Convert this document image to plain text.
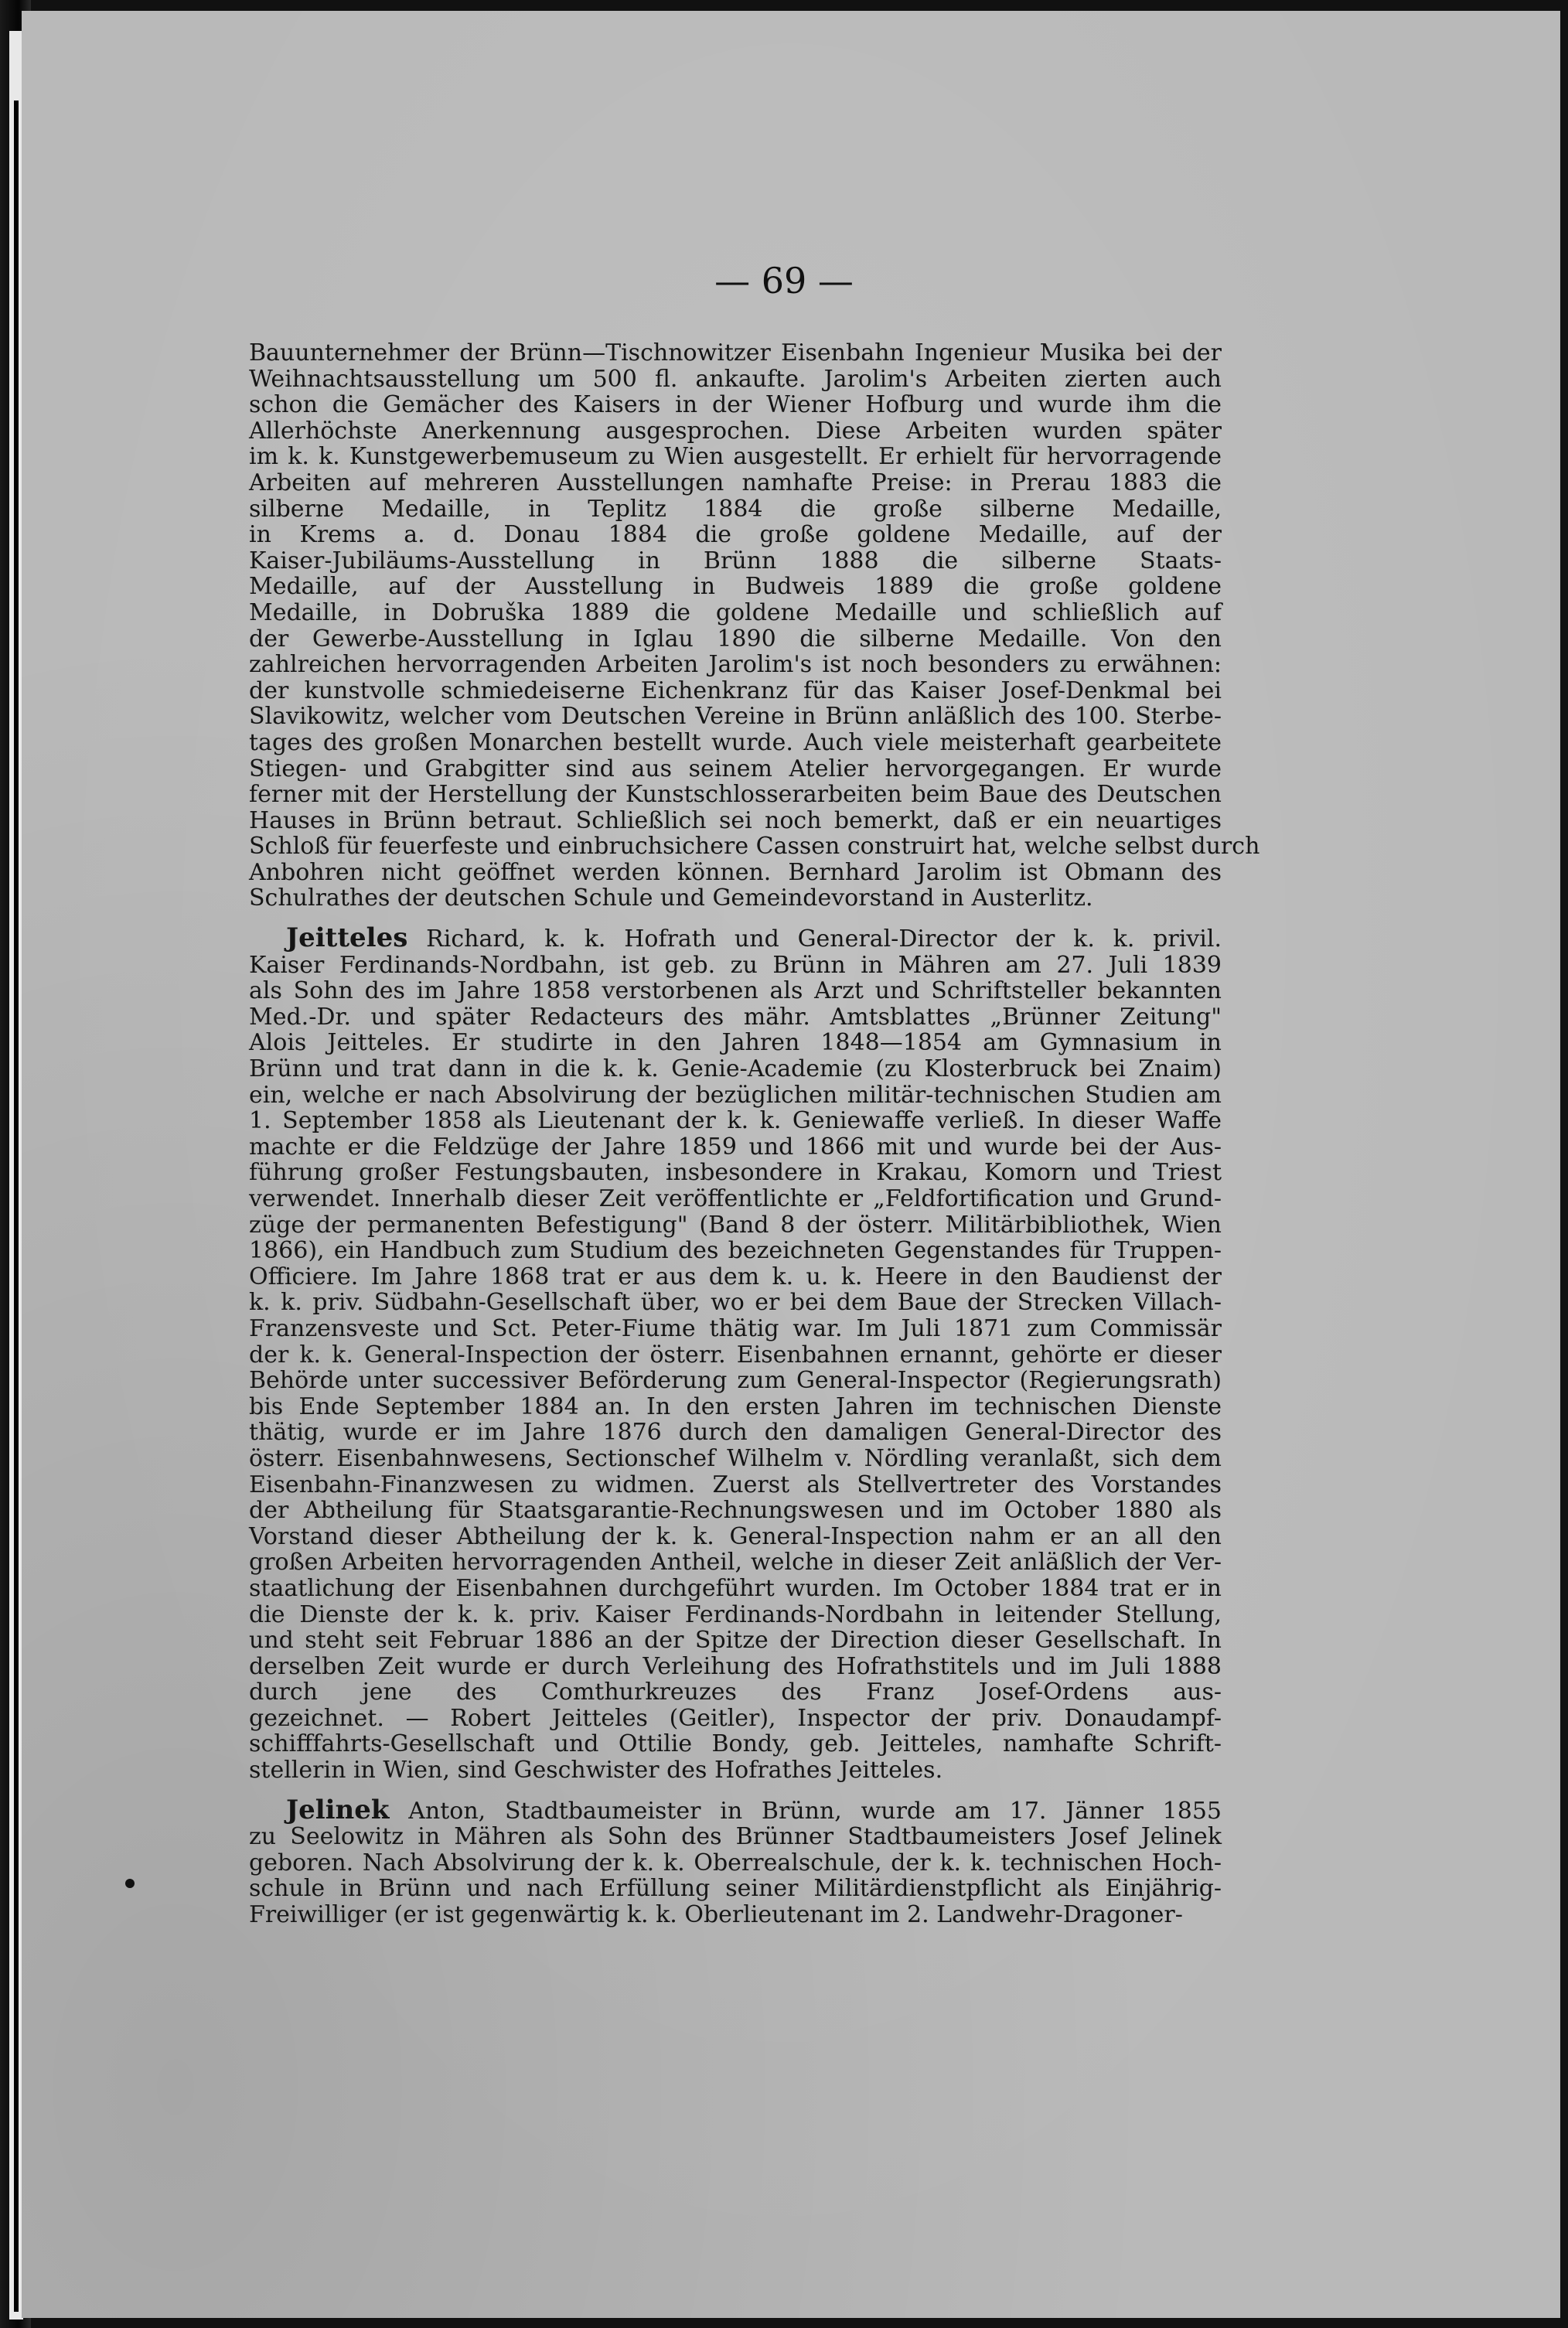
— 69 —
Bauunternehmer der Brünn—Tischnowitzer Eisenbahn Ingenieur Musika bei der
Weihnachtsausstellung um 500 fl. ankaufte. Jarolim's Arbeiten zierten auch
schon die Gemächer des Kaisers in der Wiener Hofburg und wurde ihm die
Allerhöchste Anerkennung ausgesprochen. Diese Arbeiten wurden später
im k. k. Kunstgewerbemuseum zu Wien ausgestellt. Er erhielt für hervorragende
Arbeiten auf mehreren Ausstellungen namhafte Preise: in Prerau 1883 die
silberne Medaille, in Teplitz 1884 die große silberne Medaille,
in Krems a. d. Donau 1884 die große goldene Medaille, auf der
Kaiser-Jubiläums-Ausstellung in Brünn 1888 die silberne Staats-
Medaille, auf der Ausstellung in Budweis 1889 die große goldene
Medaille, in Dobruška 1889 die goldene Medaille und schließlich auf
der Gewerbe-Ausstellung in Iglau 1890 die silberne Medaille. Von den
zahlreichen hervorragenden Arbeiten Jarolim's ist noch besonders zu erwähnen:
der kunstvolle schmiedeiserne Eichenkranz für das Kaiser Josef-Denkmal bei
Slavikowitz, welcher vom Deutschen Vereine in Brünn anläßlich des 100. Sterbe-
tages des großen Monarchen bestellt wurde. Auch viele meisterhaft gearbeitete
Stiegen- und Grabgitter sind aus seinem Atelier hervorgegangen. Er wurde
ferner mit der Herstellung der Kunstschlosserarbeiten beim Baue des Deutschen
Hauses in Brünn betraut. Schließlich sei noch bemerkt, daß er ein neuartiges
Schloß für feuerfeste und einbruchsichere Cassen construirt hat, welche selbst durch
Anbohren nicht geöffnet werden können. Bernhard Jarolim ist Obmann des
Schulrathes der deutschen Schule und Gemeindevorstand in Austerlitz.
Jeitteles Richard, k. k. Hofrath und General-Director der k. k. privil.
Kaiser Ferdinands-Nordbahn, ist geb. zu Brünn in Mähren am 27. Juli 1839
als Sohn des im Jahre 1858 verstorbenen als Arzt und Schriftsteller bekannten
Med.-Dr. und später Redacteurs des mähr. Amtsblattes „Brünner Zeitung"
Alois Jeitteles. Er studirte in den Jahren 1848—1854 am Gymnasium in
Brünn und trat dann in die k. k. Genie-Academie (zu Klosterbruck bei Znaim)
ein, welche er nach Absolvirung der bezüglichen militär-technischen Studien am
1. September 1858 als Lieutenant der k. k. Geniewaffe verließ. In dieser Waffe
machte er die Feldzüge der Jahre 1859 und 1866 mit und wurde bei der Aus-
führung großer Festungsbauten, insbesondere in Krakau, Komorn und Triest
verwendet. Innerhalb dieser Zeit veröffentlichte er „Feldfortification und Grund-
züge der permanenten Befestigung" (Band 8 der österr. Militärbibliothek, Wien
1866), ein Handbuch zum Studium des bezeichneten Gegenstandes für Truppen-
Officiere. Im Jahre 1868 trat er aus dem k. u. k. Heere in den Baudienst der
k. k. priv. Südbahn-Gesellschaft über, wo er bei dem Baue der Strecken Villach-
Franzensveste und Sct. Peter-Fiume thätig war. Im Juli 1871 zum Commissär
der k. k. General-Inspection der österr. Eisenbahnen ernannt, gehörte er dieser
Behörde unter successiver Beförderung zum General-Inspector (Regierungsrath)
bis Ende September 1884 an. In den ersten Jahren im technischen Dienste
thätig, wurde er im Jahre 1876 durch den damaligen General-Director des
österr. Eisenbahnwesens, Sectionschef Wilhelm v. Nördling veranlaßt, sich dem
Eisenbahn-Finanzwesen zu widmen. Zuerst als Stellvertreter des Vorstandes
der Abtheilung für Staatsgarantie-Rechnungswesen und im October 1880 als
Vorstand dieser Abtheilung der k. k. General-Inspection nahm er an all den
großen Arbeiten hervorragenden Antheil, welche in dieser Zeit anläßlich der Ver-
staatlichung der Eisenbahnen durchgeführt wurden. Im October 1884 trat er in
die Dienste der k. k. priv. Kaiser Ferdinands-Nordbahn in leitender Stellung,
und steht seit Februar 1886 an der Spitze der Direction dieser Gesellschaft. In
derselben Zeit wurde er durch Verleihung des Hofrathstitels und im Juli 1888
durch jene des Comthurkreuzes des Franz Josef-Ordens aus-
gezeichnet. — Robert Jeitteles (Geitler), Inspector der priv. Donaudampf-
schifffahrts-Gesellschaft und Ottilie Bondy, geb. Jeitteles, namhafte Schrift-
stellerin in Wien, sind Geschwister des Hofrathes Jeitteles.
Jelinek Anton, Stadtbaumeister in Brünn, wurde am 17. Jänner 1855
zu Seelowitz in Mähren als Sohn des Brünner Stadtbaumeisters Josef Jelinek
geboren. Nach Absolvirung der k. k. Oberrealschule, der k. k. technischen Hoch-
schule in Brünn und nach Erfüllung seiner Militärdienstpflicht als Einjährig-
Freiwilliger (er ist gegenwärtig k. k. Oberlieutenant im 2. Landwehr-Dragoner-
